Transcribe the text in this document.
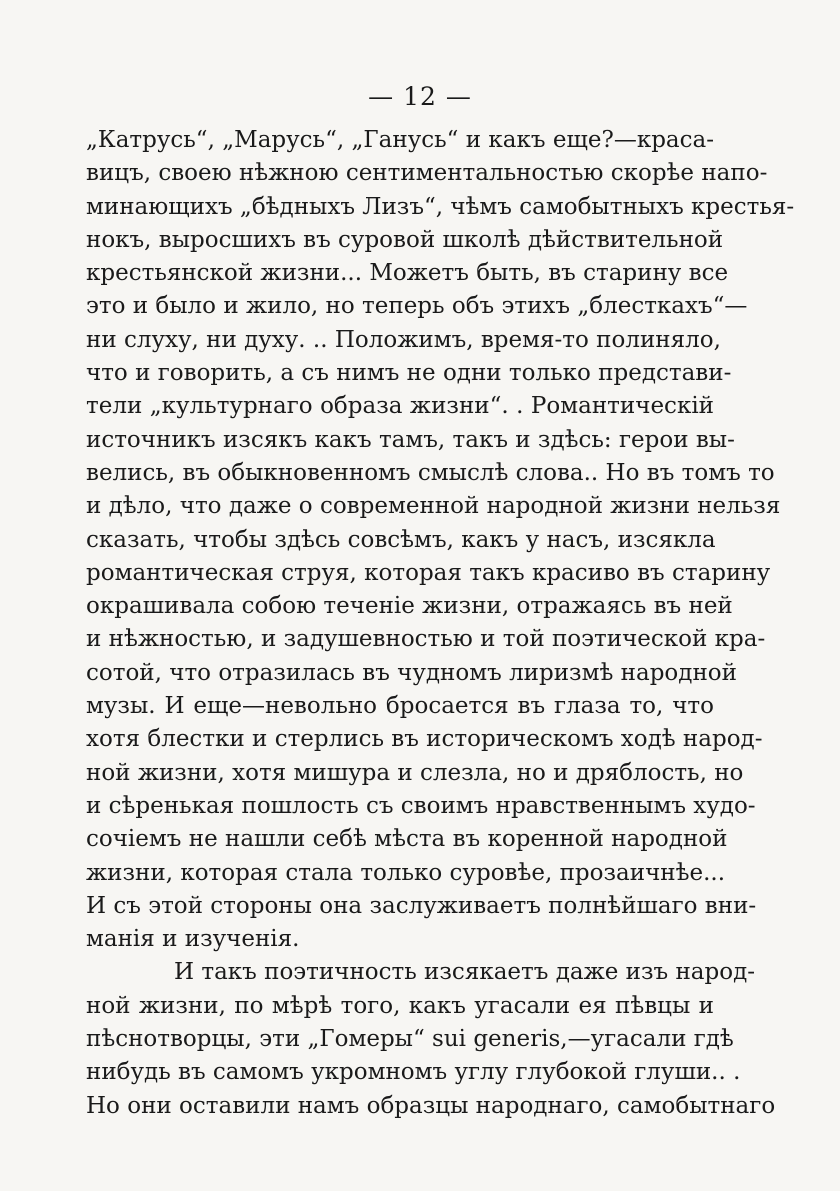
— 12 —
„Катрусь“, „Марусь“, „Ганусь“ и какъ еще?—краса-
вицъ, своею нѣжною сентиментальностью скорѣе напо-
минающихъ „бѣдныхъ Лизъ“, чѣмъ самобытныхъ крестья-
нокъ, выросшихъ въ суровой школѣ дѣйствительной
крестьянской жизни... Можетъ быть, въ старину все
это и было и жило, но теперь объ этихъ „блесткахъ“—
ни слуху, ни духу. .. Положимъ, время-то полиняло,
что и говорить, а съ нимъ не одни только представи-
тели „культурнаго образа жизни“. . Романтическій
источникъ изсякъ какъ тамъ, такъ и здѣсь: герои вы-
велись, въ обыкновенномъ смыслѣ слова.. Но въ томъ то
и дѣло, что даже о современной народной жизни нельзя
сказать, чтобы здѣсь совсѣмъ, какъ у насъ, изсякла
романтическая струя, которая такъ красиво въ старину
окрашивала собою теченіе жизни, отражаясь въ ней
и нѣжностью, и задушевностью и той поэтической кра-
сотой, что отразилась въ чудномъ лиризмѣ народной
музы. И еще—невольно бросается въ глаза то, что
хотя блестки и стерлись въ историческомъ ходѣ народ-
ной жизни, хотя мишура и слезла, но и дряблость, но
и сѣренькая пошлость съ своимъ нравственнымъ худо-
сочіемъ не нашли себѣ мѣста въ коренной народной
жизни, которая стала только суровѣе, прозаичнѣе...
И съ этой стороны она заслуживаетъ полнѣйшаго вни-
манія и изученія.
И такъ поэтичность изсякаетъ даже изъ народ-
ной жизни, по мѣрѣ того, какъ угасали ея пѣвцы и
пѣснотворцы, эти „Гомеры“ sui generis,—угасали гдѣ
нибудь въ самомъ укромномъ углу глубокой глуши.. .
Но они оставили намъ образцы народнаго, самобытнаго
